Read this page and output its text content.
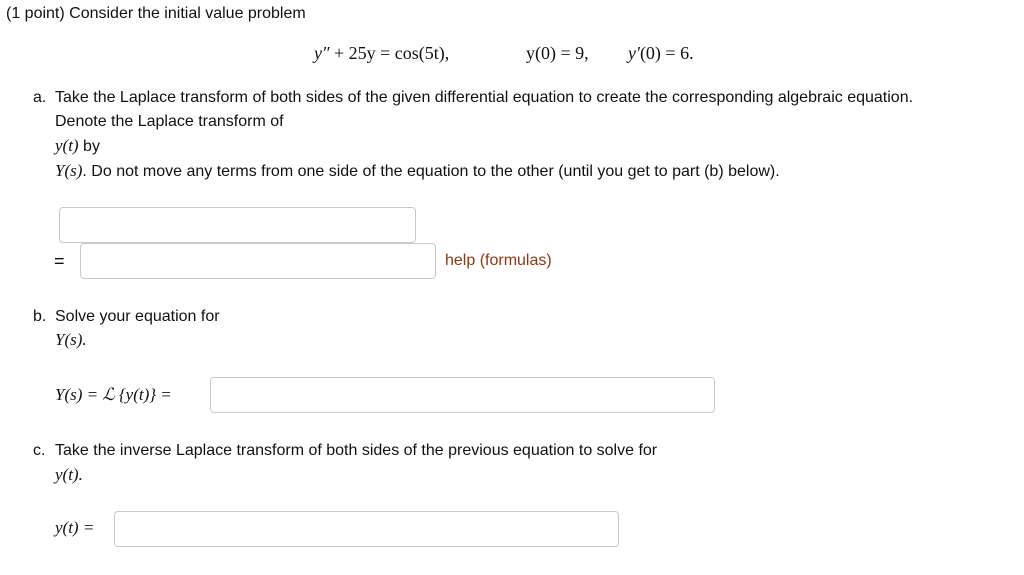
(1 point) Consider the initial value problem
y″ + 25y = cos(5t),	y(0) = 9, y′(0) = 6.
a. Take the Laplace transform of both sides of the given differential equation to create the corresponding algebraic equation.
Denote the Laplace transform of
y(t) by
Y(s). Do not move any terms from one side of the equation to the other (until you get to part (b) below).
=	help (formulas)
b. Solve your equation for
Y(s).
Y(s) = ℒ {y(t)} =
c. Take the inverse Laplace transform of both sides of the previous equation to solve for
y(t).
y(t) =
